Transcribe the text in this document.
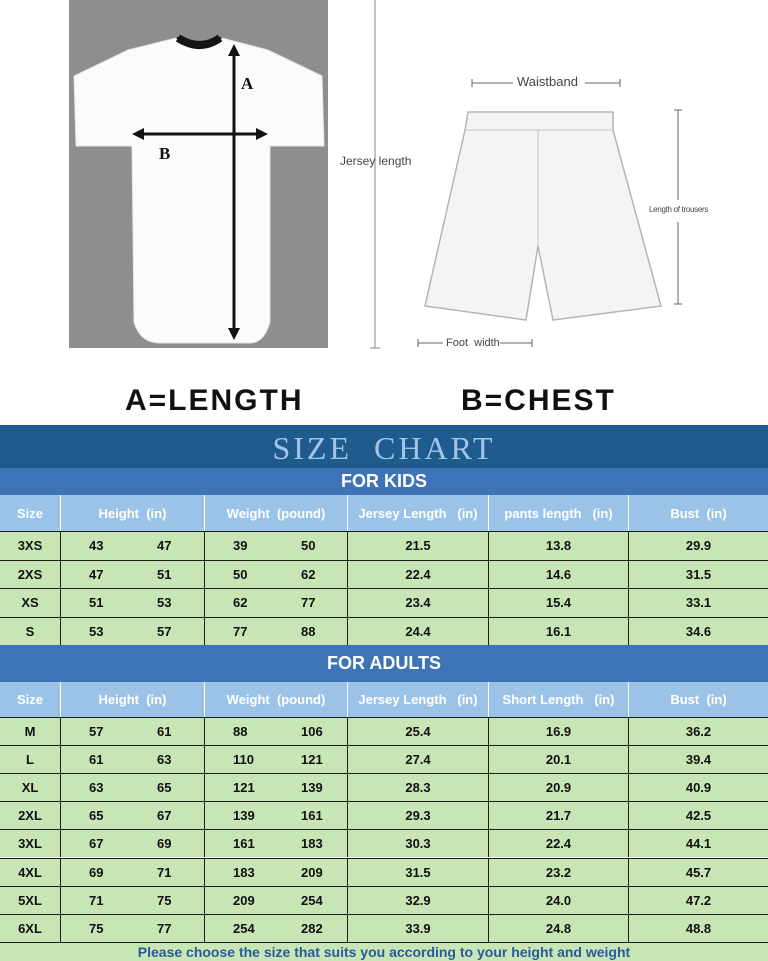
A
B	Jersey length
Waistband
Length of trousers
Foot  width
A=LENGTH	B=CHEST
SIZE  CHART
FOR KIDS
Size	Height  (in)	Weight  (pound)	Jersey Length   (in)	pants length   (in)	Bust  (in)
3XS	43	47	39	50	21.5	13.8	29.9
2XS	47	51	50	62	22.4	14.6	31.5
XS	51	53	62	77	23.4	15.4	33.1
S	53	57	77	88	24.4	16.1	34.6
FOR ADULTS
Size	Height  (in)	Weight  (pound)	Jersey Length   (in)	Short Length   (in)	Bust  (in)
M	57	61	88	106	25.4	16.9	36.2
L	61	63	110	121	27.4	20.1	39.4
XL	63	65	121	139	28.3	20.9	40.9
2XL	65	67	139	161	29.3	21.7	42.5
3XL	67	69	161	183	30.3	22.4	44.1
4XL	69	71	183	209	31.5	23.2	45.7
5XL	71	75	209	254	32.9	24.0	47.2
6XL	75	77	254	282	33.9	24.8	48.8
Please choose the size that suits you according to your height and weight
